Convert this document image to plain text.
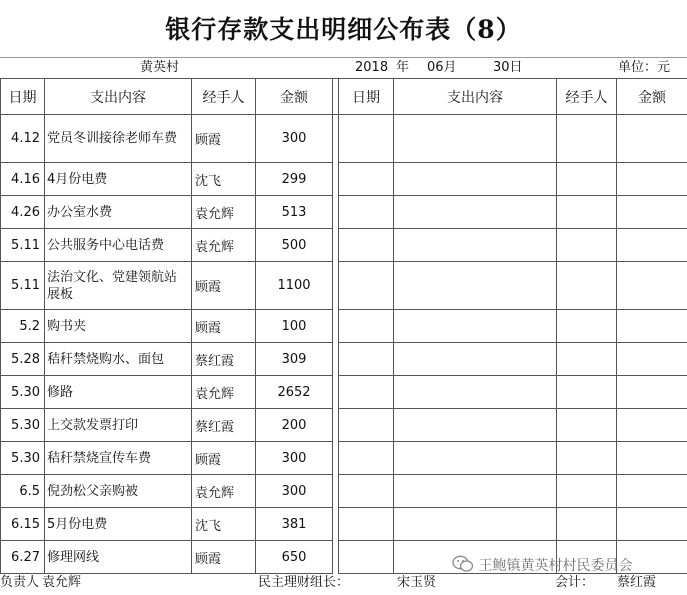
银行存款支出明细公布表（8）
黄英村	2018 年 06月	30日	单位：元
日期	支出内容	经手人	金额		日期	支出内容	经手人	金额
4.12	党员冬训接徐老师车费	顾霞	300					
4.16	4月份电费	沈飞	299					
4.26	办公室水费	袁允辉	513					
5.11	公共服务中心电话费	袁允辉	500					
5.11	法治文化、党建领航站展板	顾霞	1100					
5.2	购书夹	顾霞	100					
5.28	秸秆禁烧购水、面包	蔡红霞	309					
5.30	修路	袁允辉	2652					
5.30	上交款发票打印	蔡红霞	200					
5.30	秸秆禁烧宣传车费	顾霞	300					
6.5	倪劲松父亲购被	袁允辉	300					
6.15	5月份电费	沈飞	381					
6.27	修理网线	顾霞	650					
负责人 袁允辉	民主理财组长：	宋玉贤	会计： 蔡红霞
王鲍镇黄英村村民委员会
